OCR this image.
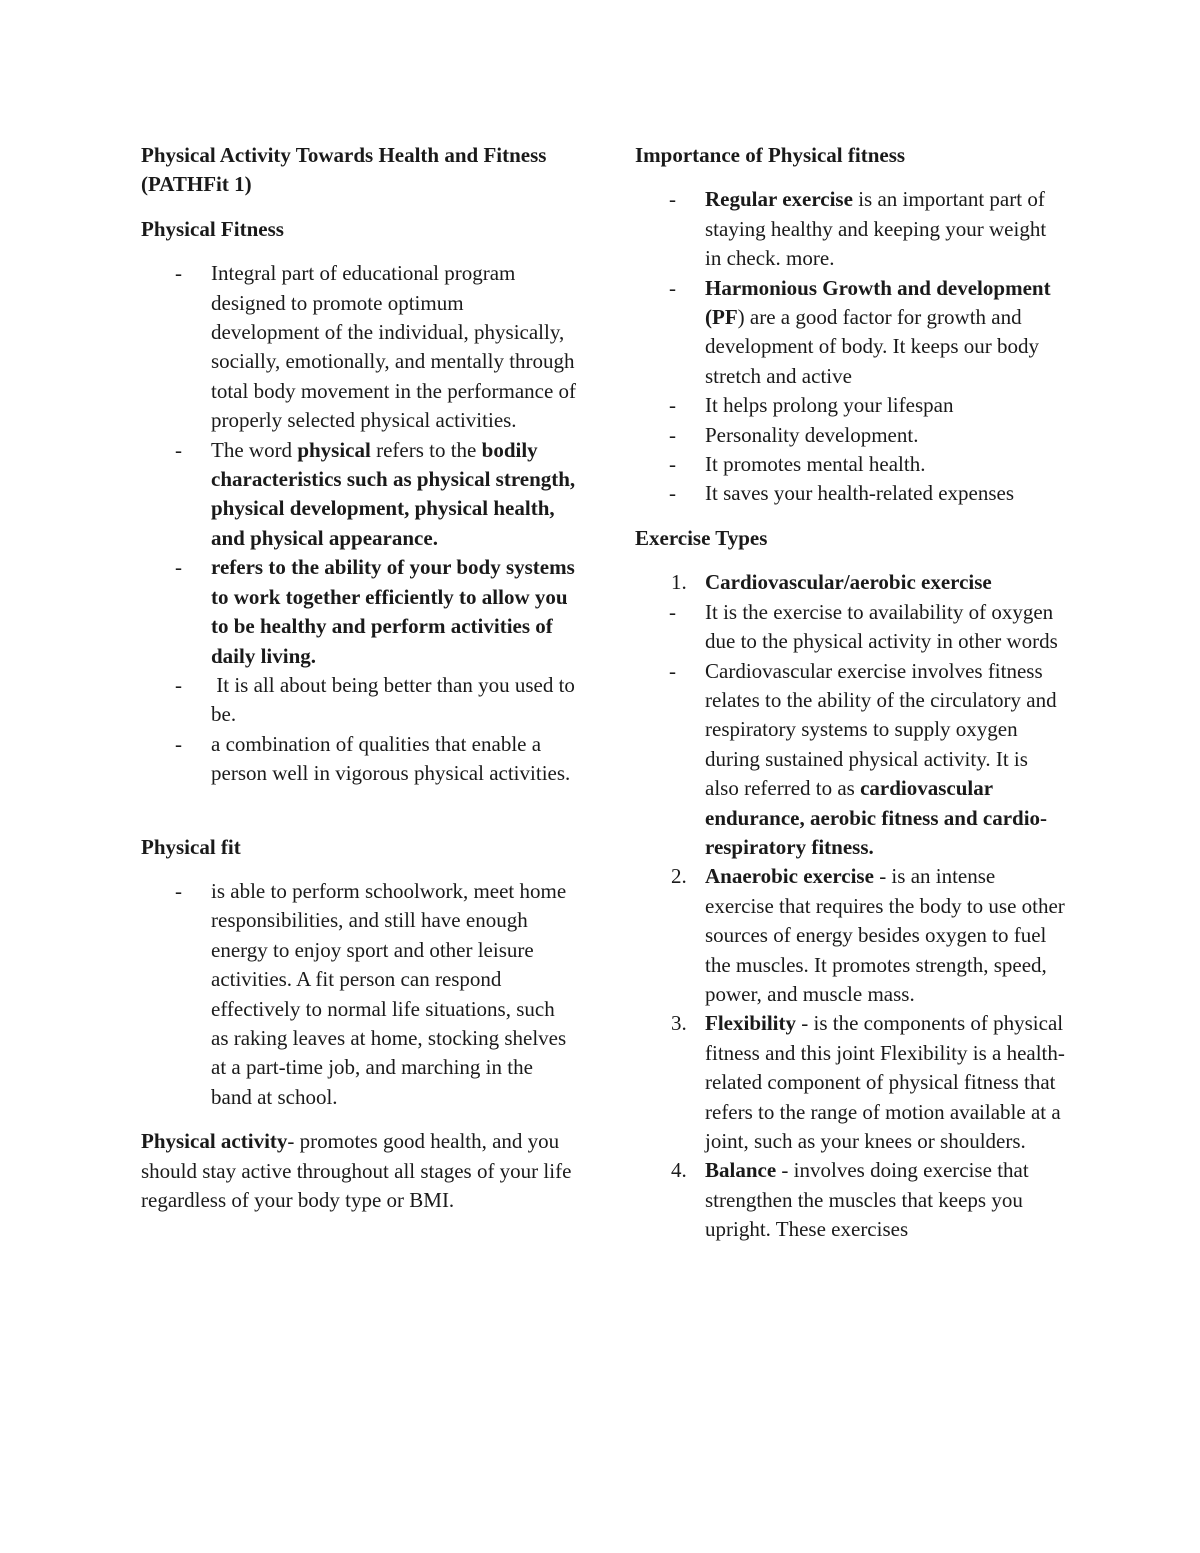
Physical Activity Towards Health and Fitness (PATHFit 1)

Physical Fitness

- Integral part of educational program designed to promote optimum development of the individual, physically, socially, emotionally, and mentally through total body movement in the performance of properly selected physical activities.
- The word physical refers to the bodily characteristics such as physical strength, physical development, physical health, and physical appearance.
- refers to the ability of your body systems to work together efficiently to allow you to be healthy and perform activities of daily living.
- It is all about being better than you used to be.
- a combination of qualities that enable a person well in vigorous physical activities.

Physical fit

- is able to perform schoolwork, meet home responsibilities, and still have enough energy to enjoy sport and other leisure activities. A fit person can respond effectively to normal life situations, such as raking leaves at home, stocking shelves at a part-time job, and marching in the band at school.

Physical activity- promotes good health, and you should stay active throughout all stages of your life regardless of your body type or BMI.

Importance of Physical fitness

- Regular exercise is an important part of staying healthy and keeping your weight in check. more.
- Harmonious Growth and development (PF) are a good factor for growth and development of body. It keeps our body stretch and active
- It helps prolong your lifespan
- Personality development.
- It promotes mental health.
- It saves your health-related expenses

Exercise Types

1. Cardiovascular/aerobic exercise
- It is the exercise to availability of oxygen due to the physical activity in other words
- Cardiovascular exercise involves fitness relates to the ability of the circulatory and respiratory systems to supply oxygen during sustained physical activity. It is also referred to as cardiovascular endurance, aerobic fitness and cardio-respiratory fitness.
2. Anaerobic exercise - is an intense exercise that requires the body to use other sources of energy besides oxygen to fuel the muscles. It promotes strength, speed, power, and muscle mass.
3. Flexibility - is the components of physical fitness and this joint Flexibility is a health-related component of physical fitness that refers to the range of motion available at a joint, such as your knees or shoulders.
4. Balance - involves doing exercise that strengthen the muscles that keeps you upright. These exercises
